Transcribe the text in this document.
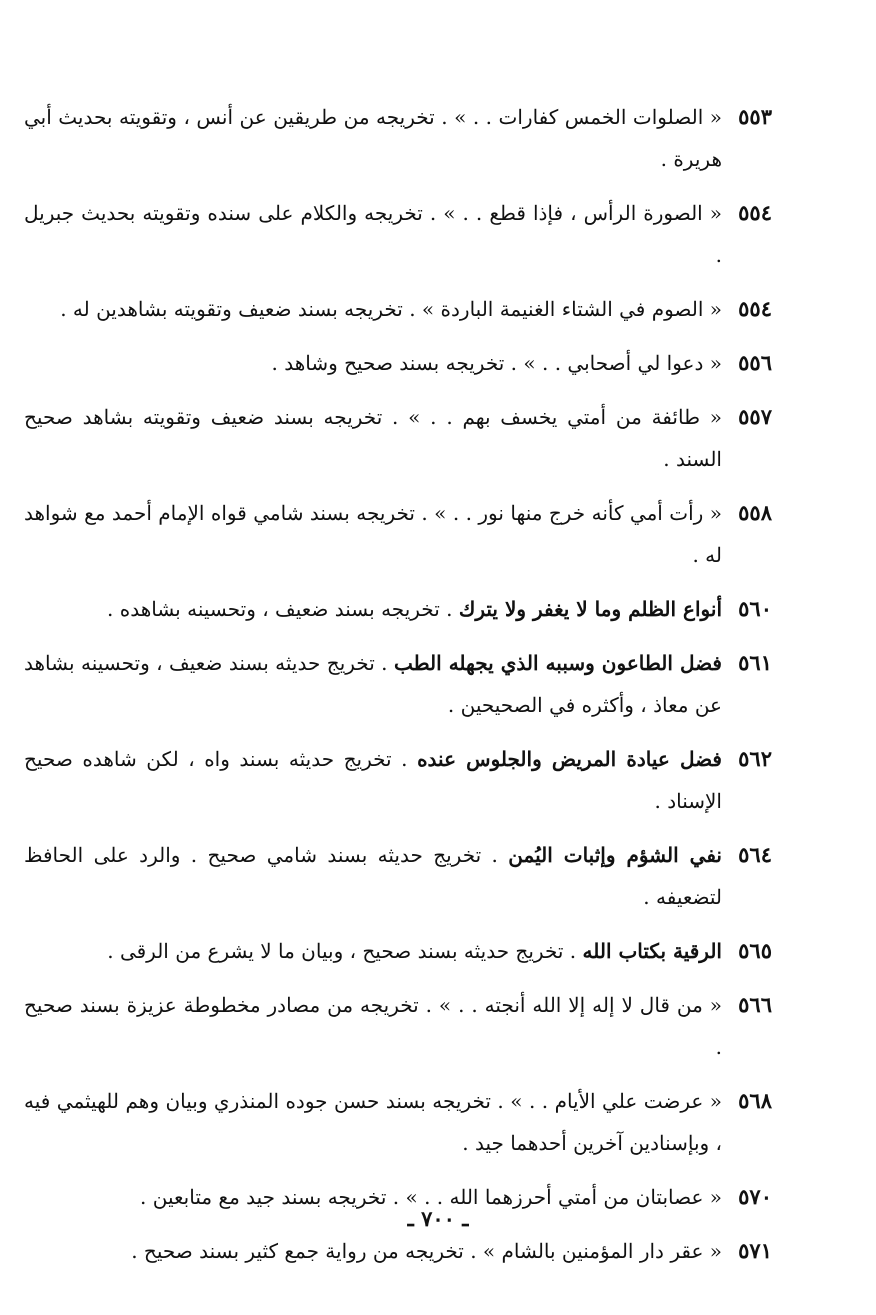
٥٥٣
« الصلوات الخمس كفارات . . » . تخريجه من طريقين عن أنس ، وتقويته بحديث أبي هريرة .
٥٥٤
« الصورة الرأس ، فإذا قطع . . » . تخريجه والكلام على سنده وتقويته بحديث جبريل .
٥٥٤
« الصوم في الشتاء الغنيمة الباردة » . تخريجه بسند ضعيف وتقويته بشاهدين له .
٥٥٦
« دعوا لي أصحابي . . » . تخريجه بسند صحيح وشاهد .
٥٥٧
« طائفة من أمتي يخسف بهم . . » . تخريجه بسند ضعيف وتقويته بشاهد صحيح السند .
٥٥٨
« رأت أمي كأنه خرج منها نور . . » . تخريجه بسند شامي قواه الإمام أحمد مع شواهد له .
٥٦٠
أنواع الظلم وما لا يغفر ولا يترك . تخريجه بسند ضعيف ، وتحسينه بشاهده .
٥٦١
فضل الطاعون وسببه الذي يجهله الطب . تخريج حديثه بسند ضعيف ، وتحسينه بشاهد عن معاذ ، وأكثره في الصحيحين .
٥٦٢
فضل عيادة المريض والجلوس عنده . تخريج حديثه بسند واه ، لكن شاهده صحيح الإسناد .
٥٦٤
نفي الشؤم وإثبات اليُمن . تخريج حديثه بسند شامي صحيح . والرد على الحافظ لتضعيفه .
٥٦٥
الرقية بكتاب الله . تخريج حديثه بسند صحيح ، وبيان ما لا يشرع من الرقى .
٥٦٦
« من قال لا إله إلا الله أنجته . . » . تخريجه من مصادر مخطوطة عزيزة بسند صحيح .
٥٦٨
« عرضت علي الأيام . . » . تخريجه بسند حسن جوده المنذري وبيان وهم للهيثمي فيه ، وبإسنادين آخرين أحدهما جيد .
٥٧٠
« عصابتان من أمتي أحرزهما الله . . » . تخريجه بسند جيد مع متابعين .
٥٧١
« عقر دار المؤمنين بالشام » . تخريجه من رواية جمع كثير بسند صحيح .
ـ ٧٠٠ ـ
